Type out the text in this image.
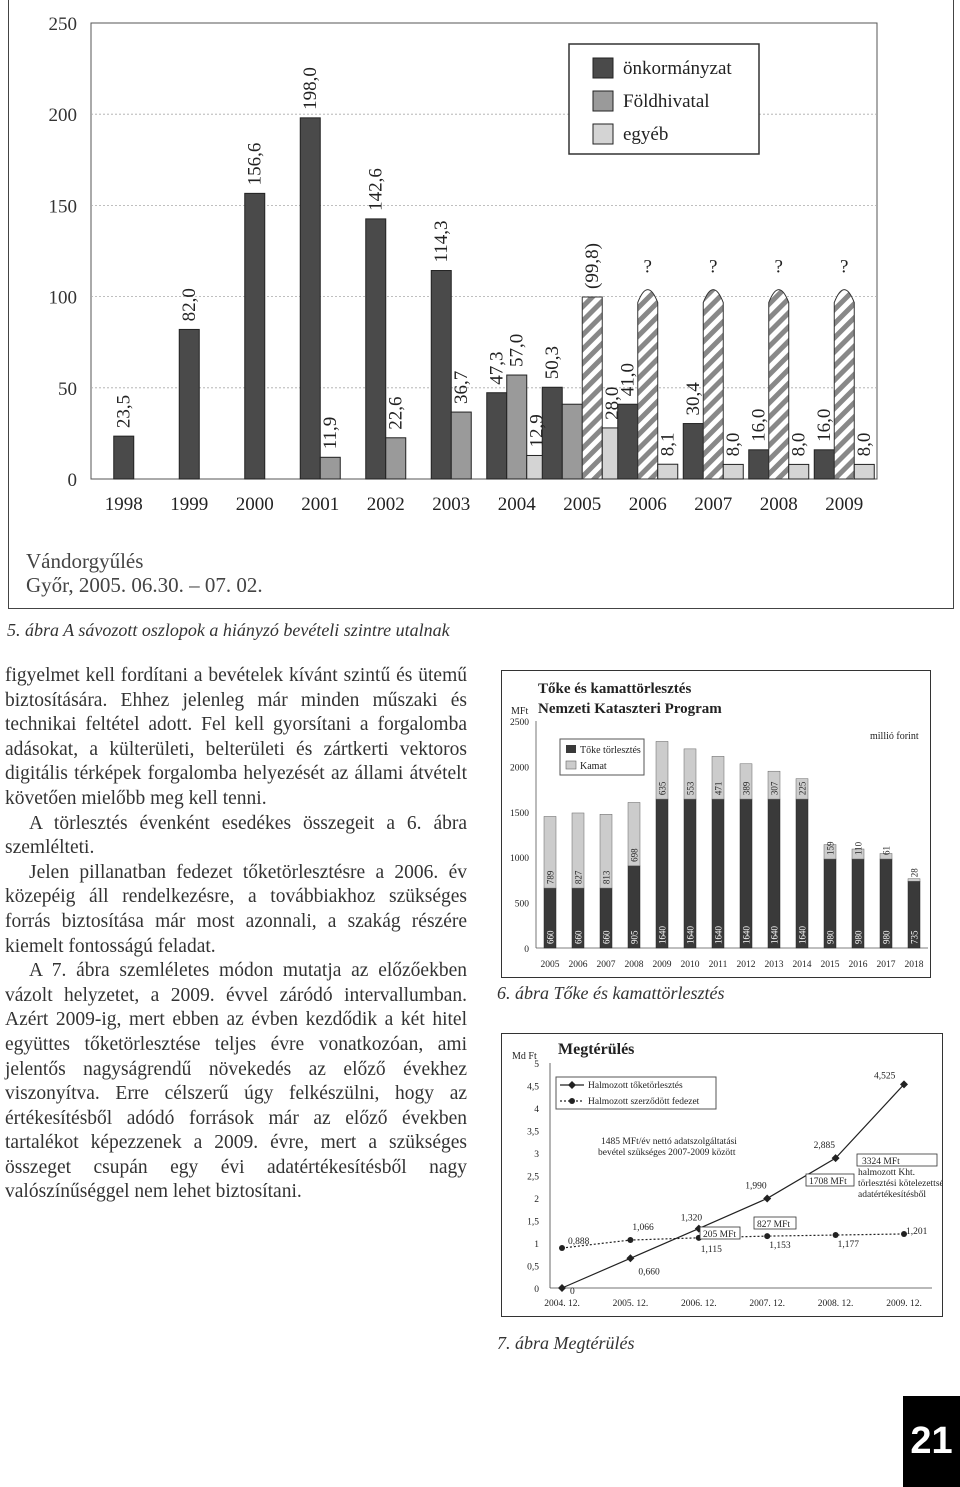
23,5
82,0
156,6
198,0
11,9
142,6
22,6
114,3
36,7
47,3
57,0
12,9
50,3
(99,8)
28,0
41,0
?
8,1
30,4
?
8,0
16,0
?
8,0
16,0
?
8,0
0
50
100
150
200
250
1998 1999 2000 2001 2002 2003 2004 2005 2006 2007 2008 2009
önkormányzat
Földhivatal
egyéb
Vándorgyűlés
Győr, 2005. 06.30. – 07. 02.
5. ábra A sávozott oszlopok a hiányzó bevételi szintre utalnak

figyelmet kell fordítani a bevételek kívánt szintű és ütemű biztosítására. Ehhez jelenleg már minden műszaki és technikai feltétel adott. Fel kell gyorsítani a forgalomba adásokat, a külterületi, belterületi és zártkerti vektoros digitális térképek forgalomba helyezését az állami átvételt követően mielőbb meg kell tenni.

A törlesztés évenként esedékes összegeit a 6. ábra szemlélteti.

Jelen pillanatban fedezet tőketörlesztésre a 2006. év közepéig áll rendelkezésre, a továbbiakhoz szükséges forrás biztosítása már most azonnali, a szakág részére kiemelt fontosságú feladat.

A 7. ábra szemléletes módon mutatja az előzőekben vázolt helyzetet, a 2009. évvel záródó intervallumban. Azért 2009-ig, mert ebben az évben kezdődik a két hitel együttes tőketörlesztése teljes évre vonatkozóan, ami jelentős nagyságrendű növekedés az előző évekhez viszonyítva. Erre célszerű úgy felkészülni, hogy az értékesítésből adódó források már az előző években tartalékot képezzenek a 2009. évre, mert a szükséges összeget csupán egy évi adatértékesítésből nagy valószínűséggel nem lehet biztosítani.

Tőke és kamattörlesztés
Nemzeti Kataszteri Program
MFt
millió forint
660
789
660
827
660
813
905
698
1640
635
1640
553
1640
471
1640
389
1640
307
1640
225
980
159
980
110
980
61
735
28
0
500
1000
1500
2000
2500
2005 2006 2007 2008 2009 2010 2011 2012 2013 2014 2015 2016 2017 2018
Tőke törlesztés
Kamat
6. ábra Tőke és kamattörlesztés
Megtérülés
Md Ft
0
0,5
1
1,5
2
2,5
3
3,5
4
4,5
5
2004. 12.	2005. 12.	2006. 12.	2007. 12.	2008. 12.	2009. 12.
0
0,660
1,320
1,990
2,885
4,525
0,888
1,066
1,115	1,153	1,177
1,201
Halmozott tőketörlesztés
Halmozott szerződött fedezet
1485 MFt/év nettó adatszolgáltatási bevétel szükséges 2007-2009 között
205 MFt
827 MFt
1708 MFt
3324 MFt halmozott Kht. törlesztési kötelezettség adatértékesítésből
7. ábra Megtérülés
21
